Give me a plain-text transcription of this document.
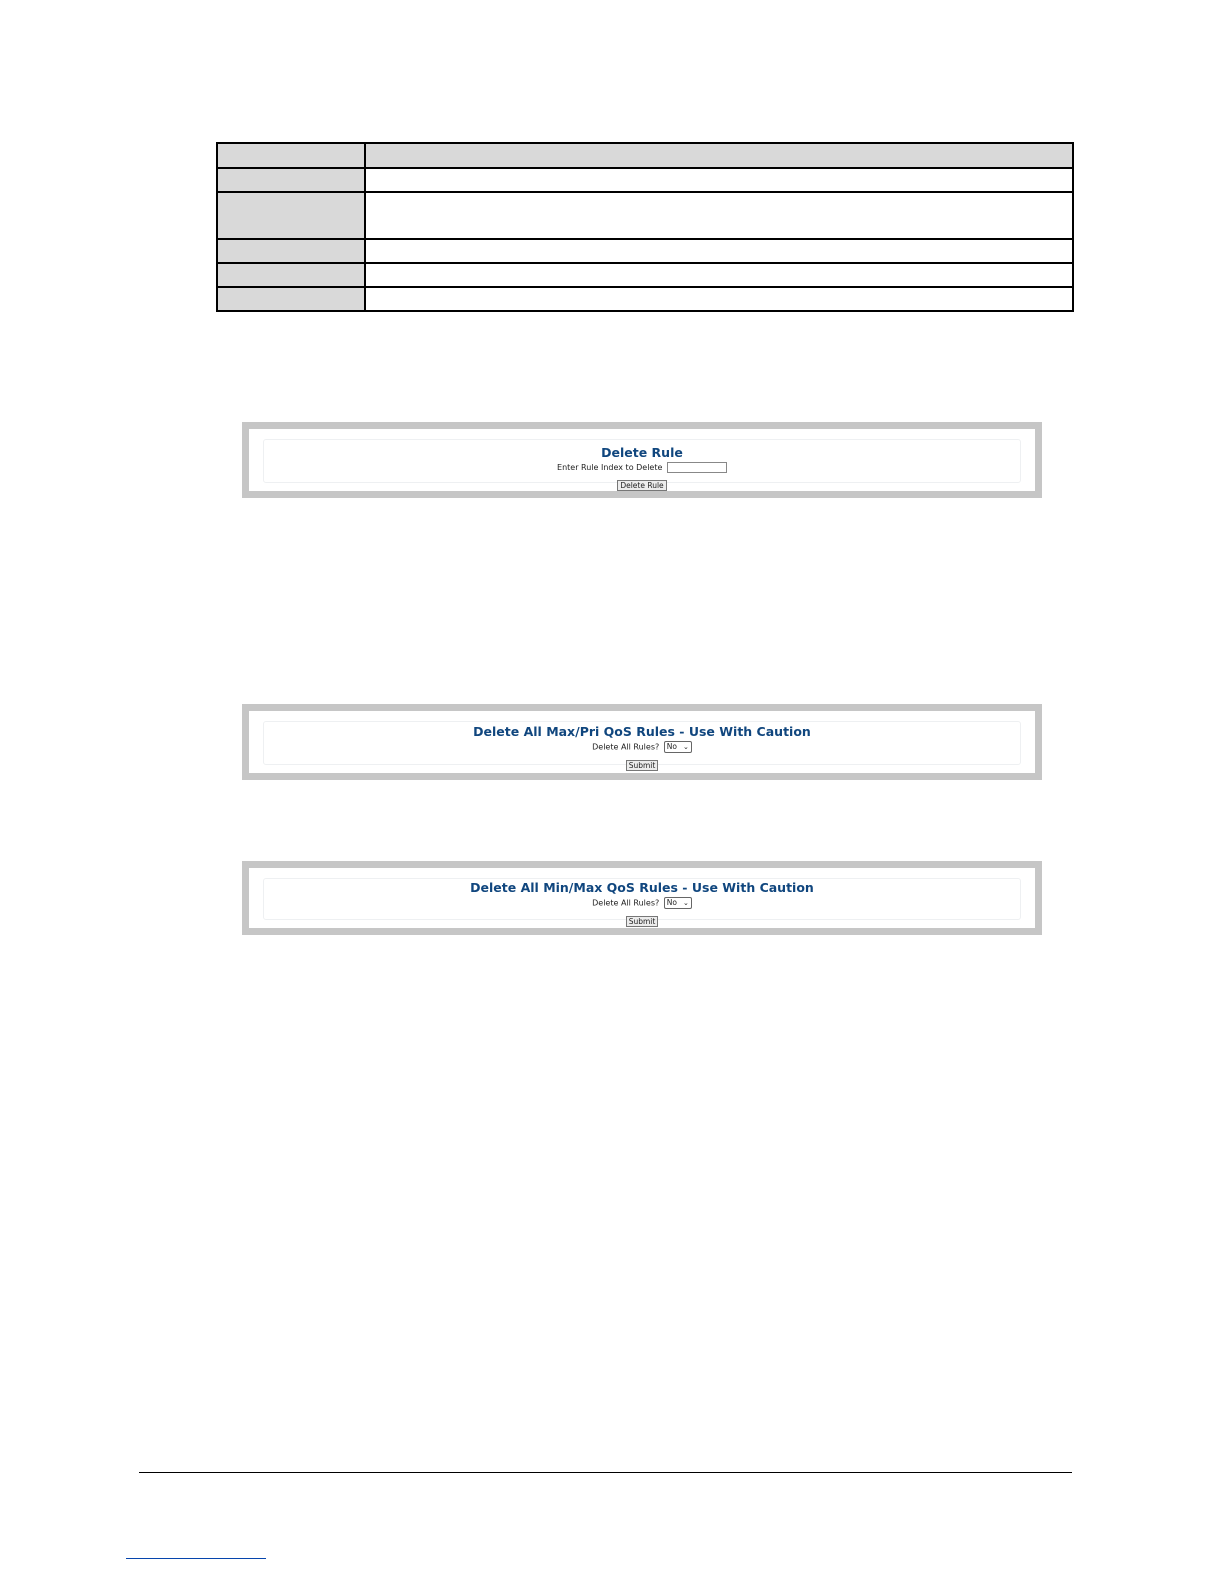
Delete Rule
Enter Rule Index to Delete
Delete Rule
Delete All Max/Pri QoS Rules - Use With Caution
Delete All Rules? No ⌄
Submit
Delete All Min/Max QoS Rules - Use With Caution
Delete All Rules? No ⌄
Submit
